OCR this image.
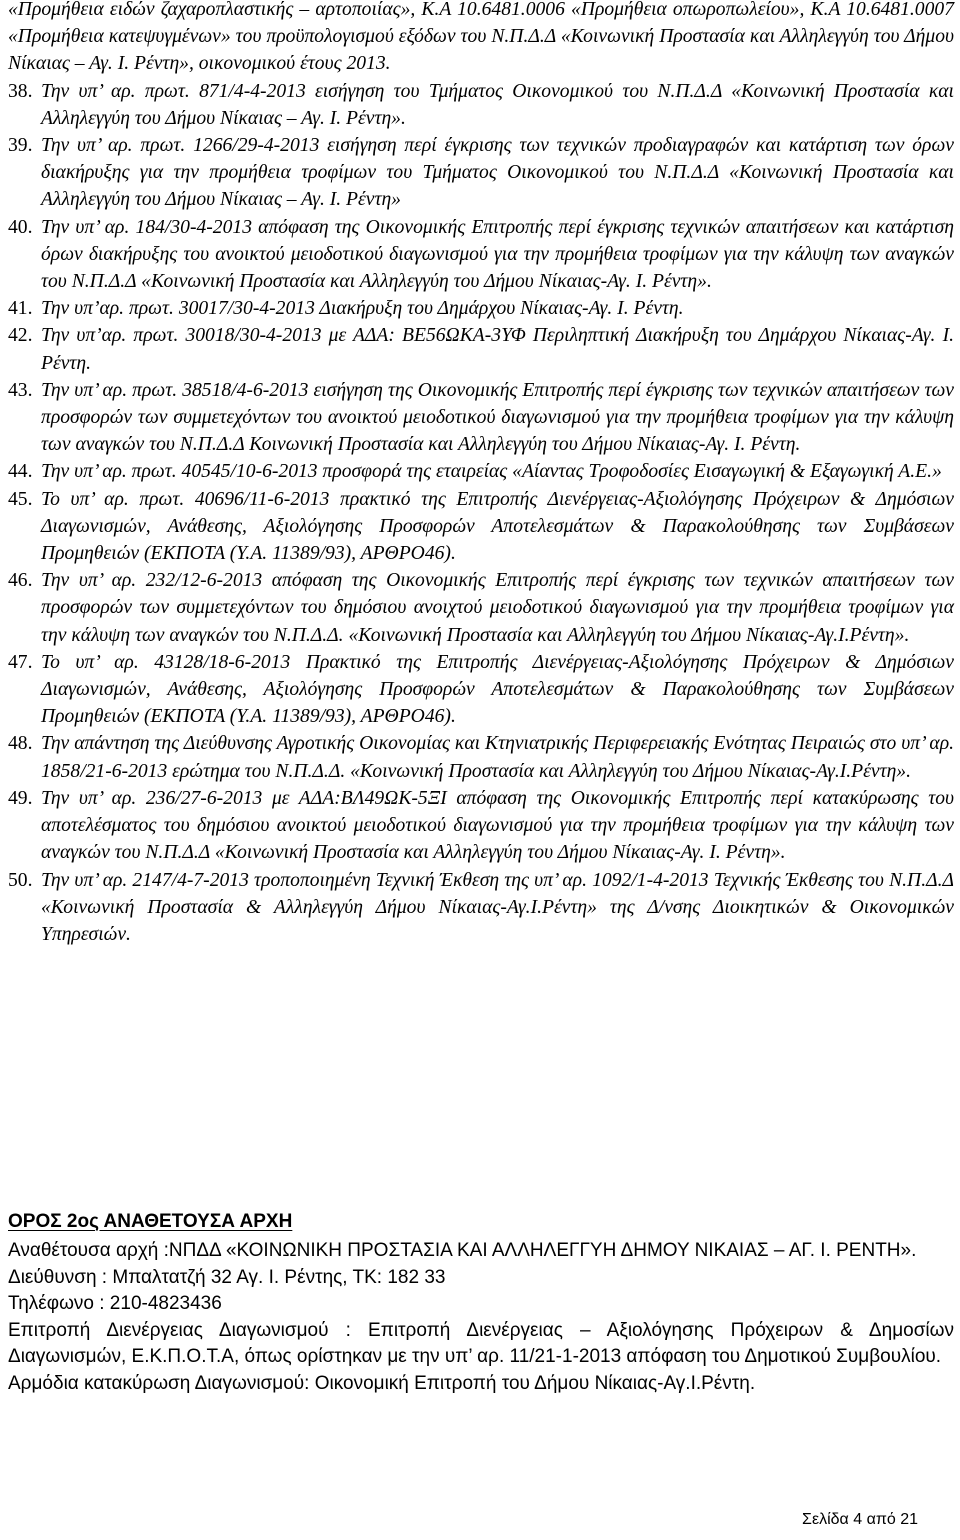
«Προμήθεια ειδών ζαχαροπλαστικής – αρτοποιίας», Κ.Α 10.6481.0006 «Προμήθεια οπωροπωλείου», Κ.Α 10.6481.0007 «Προμήθεια κατεψυγμένων» του προϋπολογισμού εξόδων του Ν.Π.Δ.Δ «Κοινωνική Προστασία και Αλληλεγγύη του Δήμου Νίκαιας – Αγ. Ι. Ρέντη», οικονομικού έτους 2013.

38. Την υπ’ αρ. πρωτ. 871/4-4-2013 εισήγηση του Τμήματος Οικονομικού του Ν.Π.Δ.Δ «Κοινωνική Προστασία και Αλληλεγγύη του Δήμου Νίκαιας – Αγ. Ι. Ρέντη».
39. Την υπ’ αρ. πρωτ. 1266/29-4-2013 εισήγηση περί έγκρισης των τεχνικών προδιαγραφών και κατάρτιση των όρων διακήρυξης για την προμήθεια τροφίμων του Τμήματος Οικονομικού του Ν.Π.Δ.Δ «Κοινωνική Προστασία και Αλληλεγγύη του Δήμου Νίκαιας – Αγ. Ι. Ρέντη»
40. Την υπ’ αρ. 184/30-4-2013 απόφαση της Οικονομικής Επιτροπής περί έγκρισης τεχνικών απαιτήσεων και κατάρτιση όρων διακήρυξης του ανοικτού μειοδοτικού διαγωνισμού για την προμήθεια τροφίμων για την κάλυψη των αναγκών του Ν.Π.Δ.Δ «Κοινωνική Προστασία και Αλληλεγγύη του Δήμου Νίκαιας-Αγ. Ι. Ρέντη».
41. Την υπ’αρ. πρωτ. 30017/30-4-2013 Διακήρυξη του Δημάρχου Νίκαιας-Αγ. Ι. Ρέντη.
42. Την υπ’αρ. πρωτ. 30018/30-4-2013 με ΑΔΑ: ΒΕ56ΩΚΑ-3ΥΦ Περιληπτική Διακήρυξη του Δημάρχου Νίκαιας-Αγ. Ι. Ρέντη.
43. Την υπ’ αρ. πρωτ. 38518/4-6-2013 εισήγηση της Οικονομικής Επιτροπής περί έγκρισης των τεχνικών απαιτήσεων των προσφορών των συμμετεχόντων του ανοικτού μειοδοτικού διαγωνισμού για την προμήθεια τροφίμων για την κάλυψη των αναγκών του Ν.Π.Δ.Δ Κοινωνική Προστασία και Αλληλεγγύη του Δήμου Νίκαιας-Αγ. Ι. Ρέντη.
44. Την υπ’ αρ. πρωτ. 40545/10-6-2013 προσφορά της εταιρείας «Αίαντας Τροφοδοσίες Εισαγωγική & Εξαγωγική Α.Ε.»
45. Το υπ’ αρ. πρωτ. 40696/11-6-2013 πρακτικό της Επιτροπής Διενέργειας-Αξιολόγησης Πρόχειρων & Δημόσιων Διαγωνισμών, Ανάθεσης, Αξιολόγησης Προσφορών Αποτελεσμάτων & Παρακολούθησης των Συμβάσεων Προμηθειών (ΕΚΠΟΤΑ (Υ.Α. 11389/93), ΑΡΘΡΟ46).
46. Την υπ’ αρ. 232/12-6-2013 απόφαση της Οικονομικής Επιτροπής περί έγκρισης των τεχνικών απαιτήσεων των προσφορών των συμμετεχόντων του δημόσιου ανοιχτού μειοδοτικού διαγωνισμού για την προμήθεια τροφίμων για την κάλυψη των αναγκών του Ν.Π.Δ.Δ. «Κοινωνική Προστασία και Αλληλεγγύη του Δήμου Νίκαιας-Αγ.Ι.Ρέντη».
47. Το υπ’ αρ. 43128/18-6-2013 Πρακτικό της Επιτροπής Διενέργειας-Αξιολόγησης Πρόχειρων & Δημόσιων Διαγωνισμών, Ανάθεσης, Αξιολόγησης Προσφορών Αποτελεσμάτων & Παρακολούθησης των Συμβάσεων Προμηθειών (ΕΚΠΟΤΑ (Υ.Α. 11389/93), ΑΡΘΡΟ46).
48. Την απάντηση της Διεύθυνσης Αγροτικής Οικονομίας και Κτηνιατρικής Περιφερειακής Ενότητας Πειραιώς στο υπ’ αρ. 1858/21-6-2013 ερώτημα του Ν.Π.Δ.Δ. «Κοινωνική Προστασία και Αλληλεγγύη του Δήμου Νίκαιας-Αγ.Ι.Ρέντη».
49. Την υπ’ αρ. 236/27-6-2013 με ΑΔΑ:ΒΛ49ΩΚ-5ΞΙ απόφαση της Οικονομικής Επιτροπής περί κατακύρωσης του αποτελέσματος του δημόσιου ανοικτού μειοδοτικού διαγωνισμού για την προμήθεια τροφίμων για την κάλυψη των αναγκών του Ν.Π.Δ.Δ «Κοινωνική Προστασία και Αλληλεγγύη του Δήμου Νίκαιας-Αγ. Ι. Ρέντη».
50. Την υπ’ αρ. 2147/4-7-2013 τροποποιημένη Τεχνική Έκθεση της υπ’ αρ. 1092/1-4-2013 Τεχνικής Έκθεσης του Ν.Π.Δ.Δ «Κοινωνική Προστασία & Αλληλεγγύη Δήμου Νίκαιας-Αγ.Ι.Ρέντη» της Δ/νσης Διοικητικών & Οικονομικών Υπηρεσιών.
ΟΡΟΣ 2ος ΑΝΑΘΕΤΟΥΣΑ ΑΡΧΗ

Αναθέτουσα αρχή :ΝΠΔΔ «ΚΟΙΝΩΝΙΚΗ ΠΡΟΣΤΑΣΙΑ ΚΑΙ ΑΛΛΗΛΕΓΓΥΗ ΔΗΜΟΥ ΝΙΚΑΙΑΣ – ΑΓ. Ι. ΡΕΝΤΗ».

Διεύθυνση : Μπαλτατζή 32 Αγ. Ι. Ρέντης, ΤΚ: 182 33

Τηλέφωνο : 210-4823436

Επιτροπή Διενέργειας Διαγωνισμού : Επιτροπή Διενέργειας – Αξιολόγησης Πρόχειρων & Δημοσίων Διαγωνισμών, Ε.Κ.Π.Ο.Τ.Α, όπως ορίστηκαν με την υπ’ αρ. 11/21-1-2013 απόφαση του Δημοτικού Συμβουλίου.

Αρμόδια κατακύρωση Διαγωνισμού: Οικονομική Επιτροπή του Δήμου Νίκαιας-Αγ.Ι.Ρέντη.

Σελίδα 4 από 21
